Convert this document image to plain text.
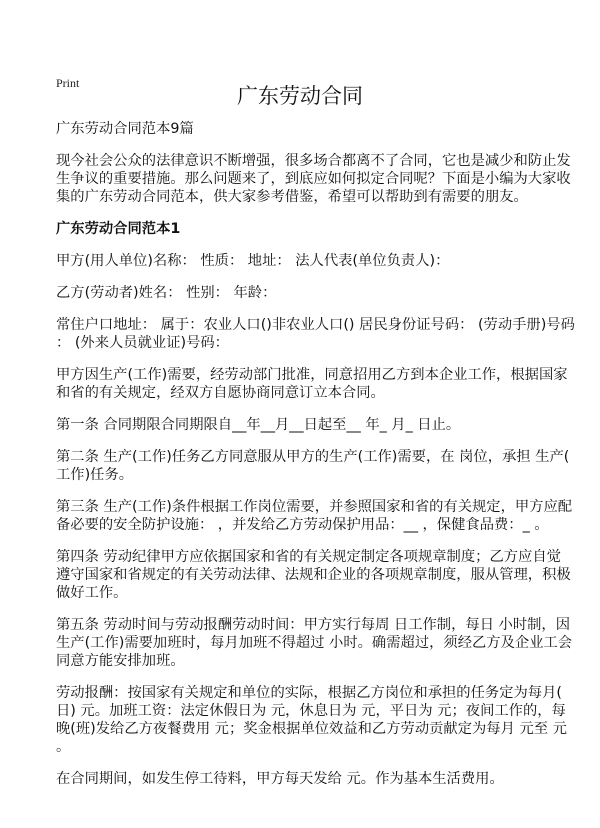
Print
广东劳动合同

广东劳动合同范本9篇

现今社会公众的法律意识不断增强，很多场合都离不了合同，它也是减少和防止发
生争议的重要措施。那么问题来了，到底应如何拟定合同呢？下面是小编为大家收
集的广东劳动合同范本，供大家参考借鉴，希望可以帮助到有需要的朋友。

广东劳动合同范本1

甲方(用人单位)名称： 性质： 地址： 法人代表(单位负责人)：

乙方(劳动者)姓名： 性别： 年龄：

常住户口地址： 属于：农业人口()非农业人口() 居民身份证号码： (劳动手册)号码
： (外来人员就业证)号码：

甲方因生产(工作)需要，经劳动部门批准，同意招用乙方到本企业工作，根据国家
和省的有关规定，经双方自愿协商同意订立本合同。

第一条 合同期限合同期限自__年__月__日起至__ 年_ 月_ 日止。

第二条 生产(工作)任务乙方同意服从甲方的生产(工作)需要，在 岗位，承担 生产(
工作)任务。

第三条 生产(工作)条件根据工作岗位需要，并参照国家和省的有关规定，甲方应配
备必要的安全防护设施： ，并发给乙方劳动保护用品：__ ，保健食品费：_ 。

第四条 劳动纪律甲方应依据国家和省的有关规定制定各项规章制度；乙方应自觉
遵守国家和省规定的有关劳动法律、法规和企业的各项规章制度，服从管理，积极
做好工作。

第五条 劳动时间与劳动报酬劳动时间：甲方实行每周 日工作制，每日 小时制，因
生产(工作)需要加班时，每月加班不得超过 小时。确需超过，须经乙方及企业工会
同意方能安排加班。

劳动报酬：按国家有关规定和单位的实际，根据乙方岗位和承担的任务定为每月(
日) 元。加班工资：法定休假日为 元，休息日为 元，平日为 元；夜间工作的，每
晚(班)发给乙方夜餐费用 元；奖金根据单位效益和乙方劳动贡献定为每月 元至 元
。

在合同期间，如发生停工待料，甲方每天发给 元。作为基本生活费用。
